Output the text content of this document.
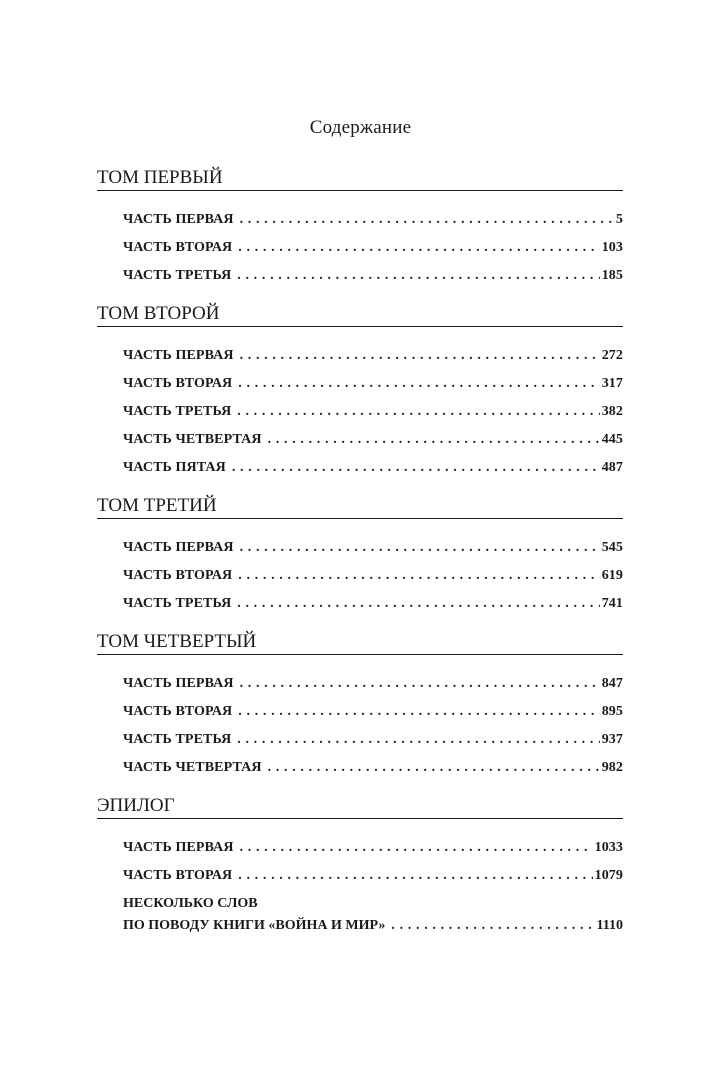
Содержание
ТОМ ПЕРВЫЙ
ЧАСТЬ ПЕРВАЯ . . .	5
ЧАСТЬ ВТОРАЯ . . .	103
ЧАСТЬ ТРЕТЬЯ . . .	185
ТОМ ВТОРОЙ
ЧАСТЬ ПЕРВАЯ . . .	272
ЧАСТЬ ВТОРАЯ . . .	317
ЧАСТЬ ТРЕТЬЯ . . .	382
ЧАСТЬ ЧЕТВЕРТАЯ . . .	445
ЧАСТЬ ПЯТАЯ . . .	487
ТОМ ТРЕТИЙ
ЧАСТЬ ПЕРВАЯ . . .	545
ЧАСТЬ ВТОРАЯ . . .	619
ЧАСТЬ ТРЕТЬЯ . . .	741
ТОМ ЧЕТВЕРТЫЙ
ЧАСТЬ ПЕРВАЯ . . .	847
ЧАСТЬ ВТОРАЯ . . .	895
ЧАСТЬ ТРЕТЬЯ . . .	937
ЧАСТЬ ЧЕТВЕРТАЯ . . .	982
ЭПИЛОГ
ЧАСТЬ ПЕРВАЯ . . .	1033
ЧАСТЬ ВТОРАЯ . . .	1079
НЕСКОЛЬКО СЛОВ
ПО ПОВОДУ КНИГИ «ВОЙНА И МИР» . . .	1110
